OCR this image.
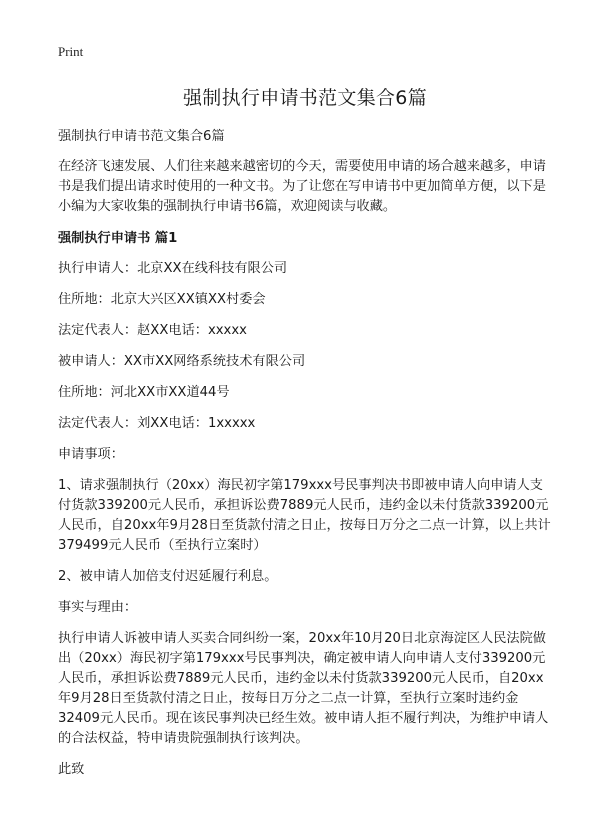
Print
强制执行申请书范文集合6篇

强制执行申请书范文集合6篇

在经济飞速发展、人们往来越来越密切的今天，需要使用申请的场合越来越多，申请书是我们提出请求时使用的一种文书。为了让您在写申请书中更加简单方便，以下是小编为大家收集的强制执行申请书6篇，欢迎阅读与收藏。

强制执行申请书 篇1

执行申请人：北京XX在线科技有限公司

住所地：北京大兴区XX镇XX村委会

法定代表人：赵XX电话：xxxxx

被申请人：XX市XX网络系统技术有限公司

住所地：河北XX市XX道44号

法定代表人：刘XX电话：1xxxxx

申请事项：

1、请求强制执行（20xx）海民初字第179xxx号民事判决书即被申请人向申请人支付货款339200元人民币，承担诉讼费7889元人民币，违约金以未付货款339200元人民币，自20xx年9月28日至货款付清之日止，按每日万分之二点一计算，以上共计379499元人民币（至执行立案时）

2、被申请人加倍支付迟延履行利息。

事实与理由：

执行申请人诉被申请人买卖合同纠纷一案，20xx年10月20日北京海淀区人民法院做出（20xx）海民初字第179xxx号民事判决，确定被申请人向申请人支付339200元人民币，承担诉讼费7889元人民币，违约金以未付货款339200元人民币，自20xx年9月28日至货款付清之日止，按每日万分之二点一计算，至执行立案时违约金32409元人民币。现在该民事判决已经生效。被申请人拒不履行判决，为维护申请人的合法权益，特申请贵院强制执行该判决。

此致
